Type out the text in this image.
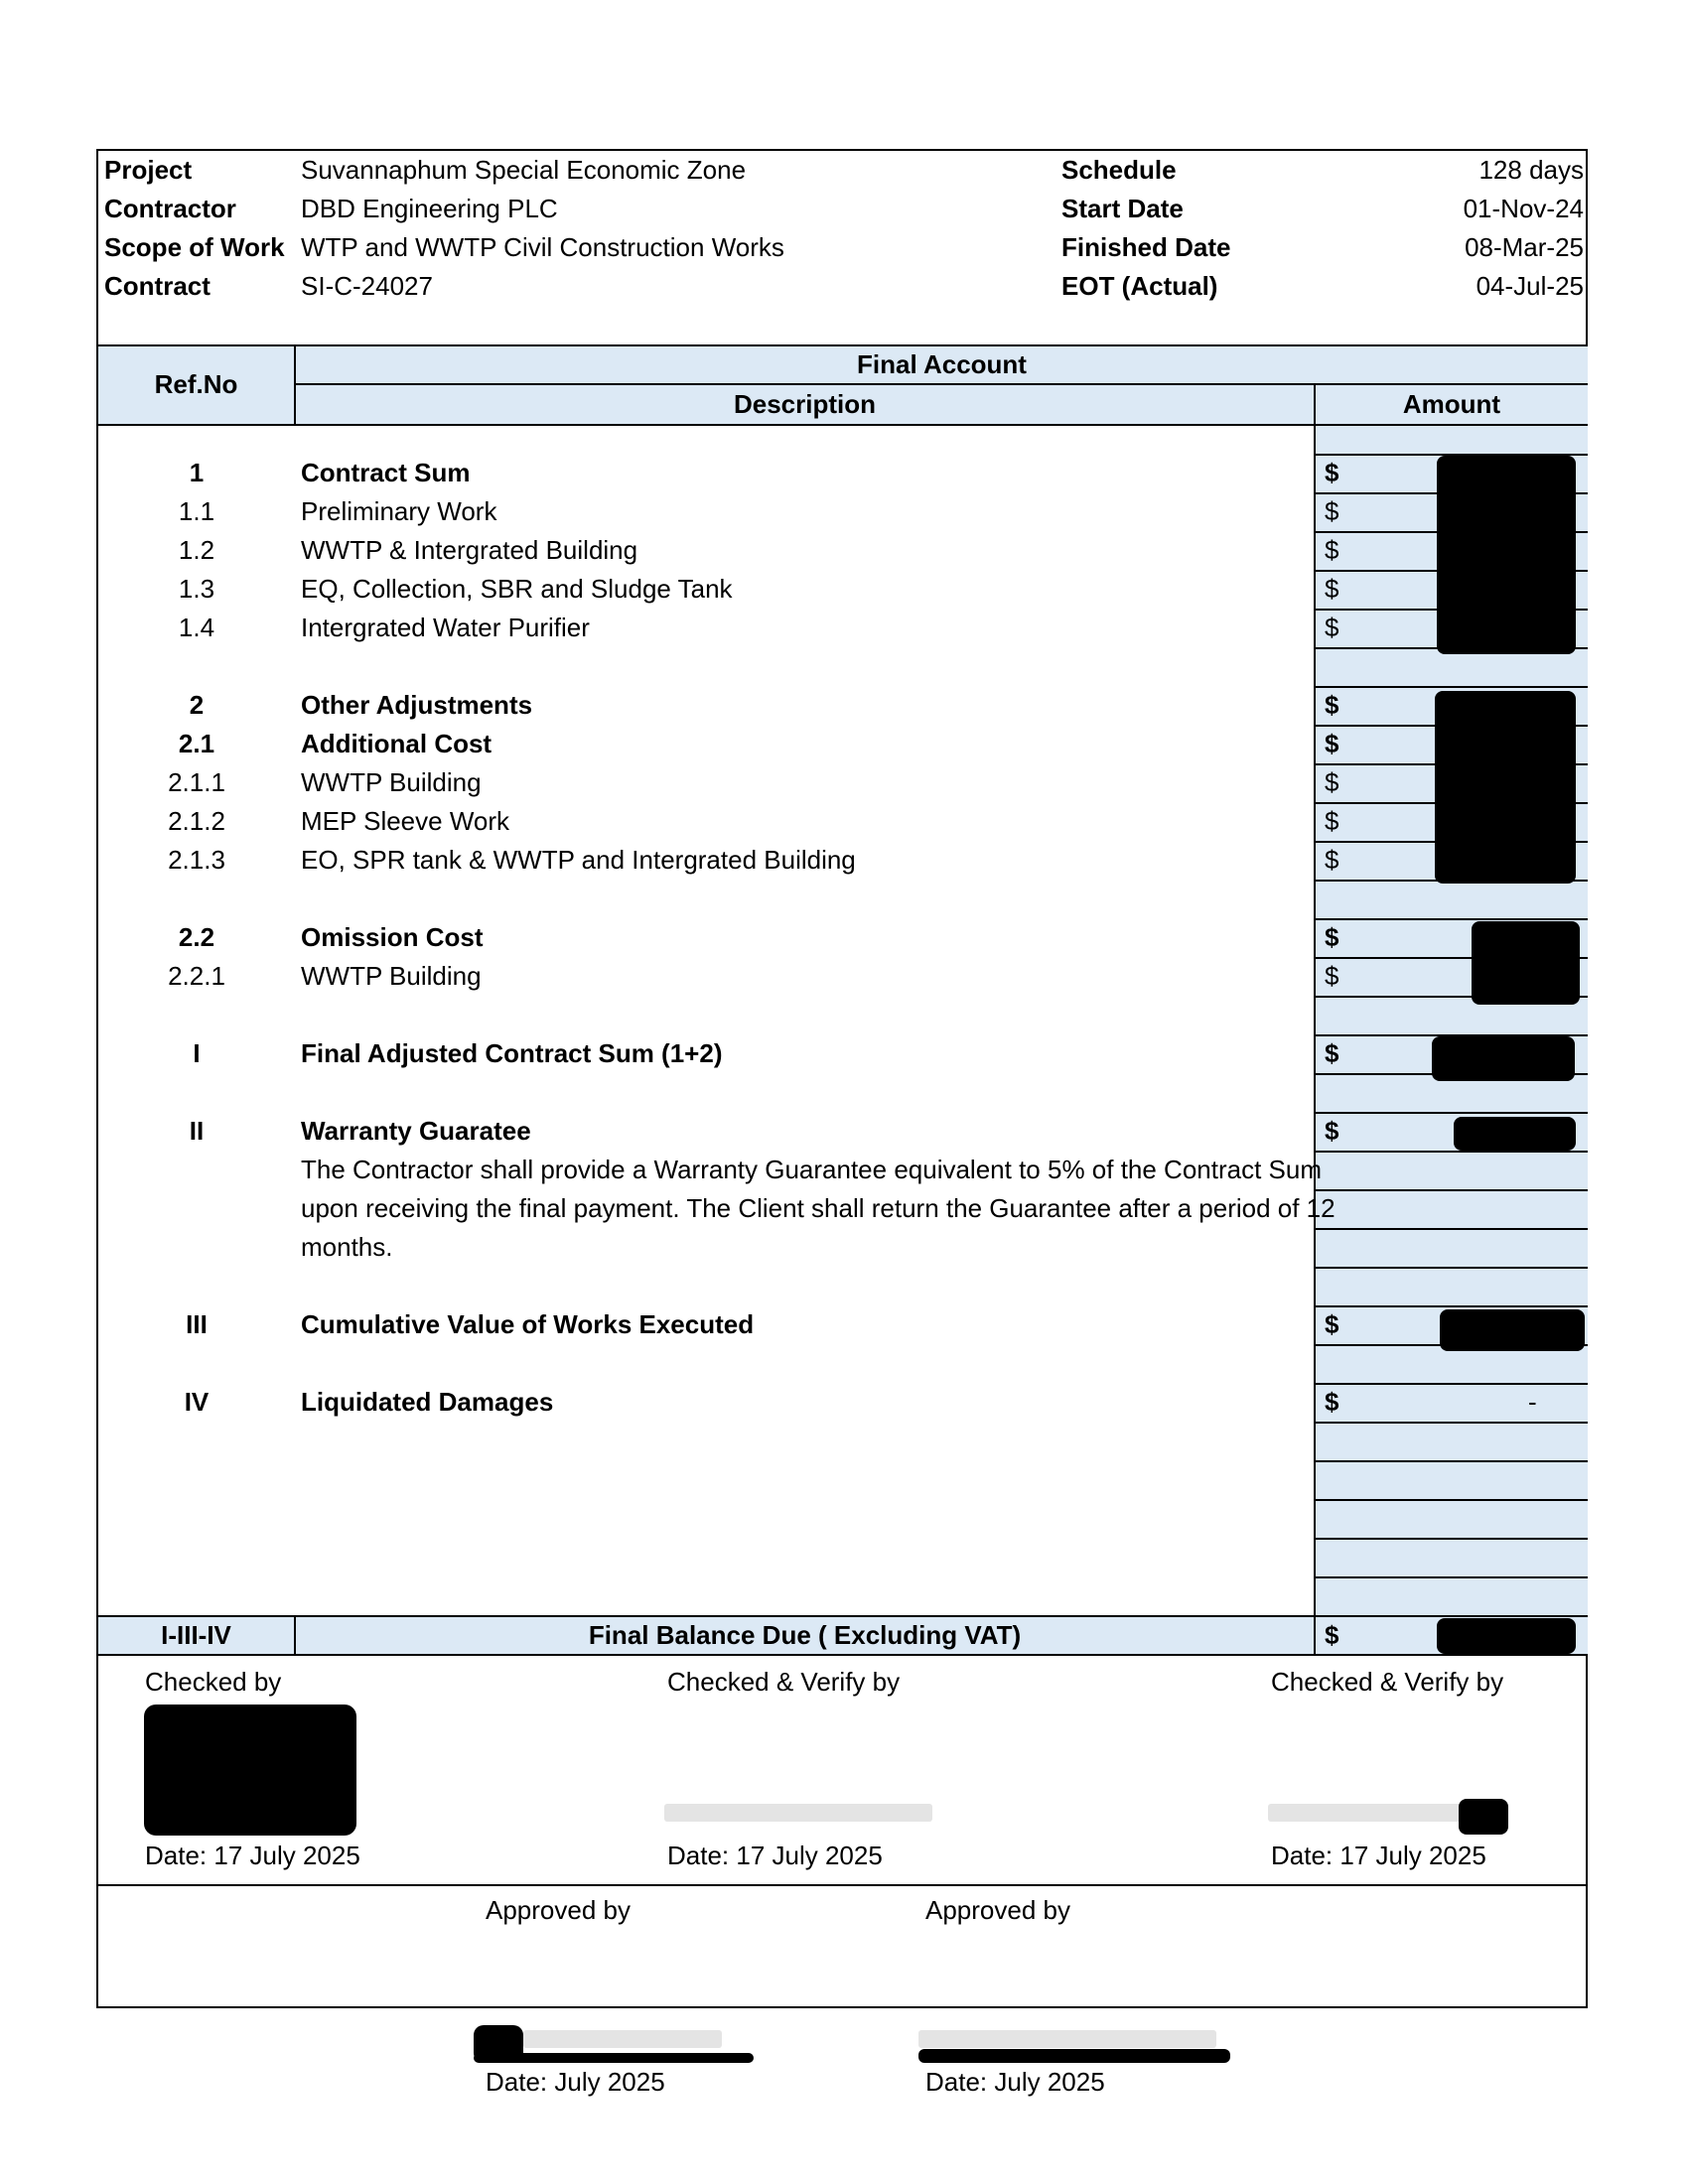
Project	Suvannaphum Special Economic Zone
Contractor	DBD Engineering PLC
Scope of Work WTP and WWTP Civil Construction Works
Contract	SI-C-24027
Schedule	128 days
Start Date	01-Nov-24
Finished Date	08-Mar-25
EOT (Actual)	04-Jul-25
Ref.No
Final Account
Description	Amount
1	Contract Sum	$
1.1	Preliminary Work	$
1.2	WWTP & Intergrated Building	$
1.3	EQ, Collection, SBR and Sludge Tank	$
1.4	Intergrated Water Purifier	$
2	Other Adjustments	$
2.1	Additional Cost	$
2.1.1	WWTP Building	$
2.1.2	MEP Sleeve Work	$
2.1.3	EO, SPR tank & WWTP and Intergrated Building	$
2.2	Omission Cost	$
2.2.1	WWTP Building	$
I	Final Adjusted Contract Sum (1+2)	$
II	Warranty Guaratee	$
The Contractor shall provide a Warranty Guarantee equivalent to 5% of the Contract Sum
upon receiving the final payment. The Client shall return the Guarantee after a period of 12
months.
III	Cumulative Value of Works Executed	$
IV	Liquidated Damages	$	-
I-III-IV	Final Balance Due ( Excluding VAT)	$
Checked by	Checked & Verify by	Checked & Verify by
Date: 17 July 2025	Date: 17 July 2025	Date: 17 July 2025
Approved by	Approved by
Date: July 2025	Date: July 2025
